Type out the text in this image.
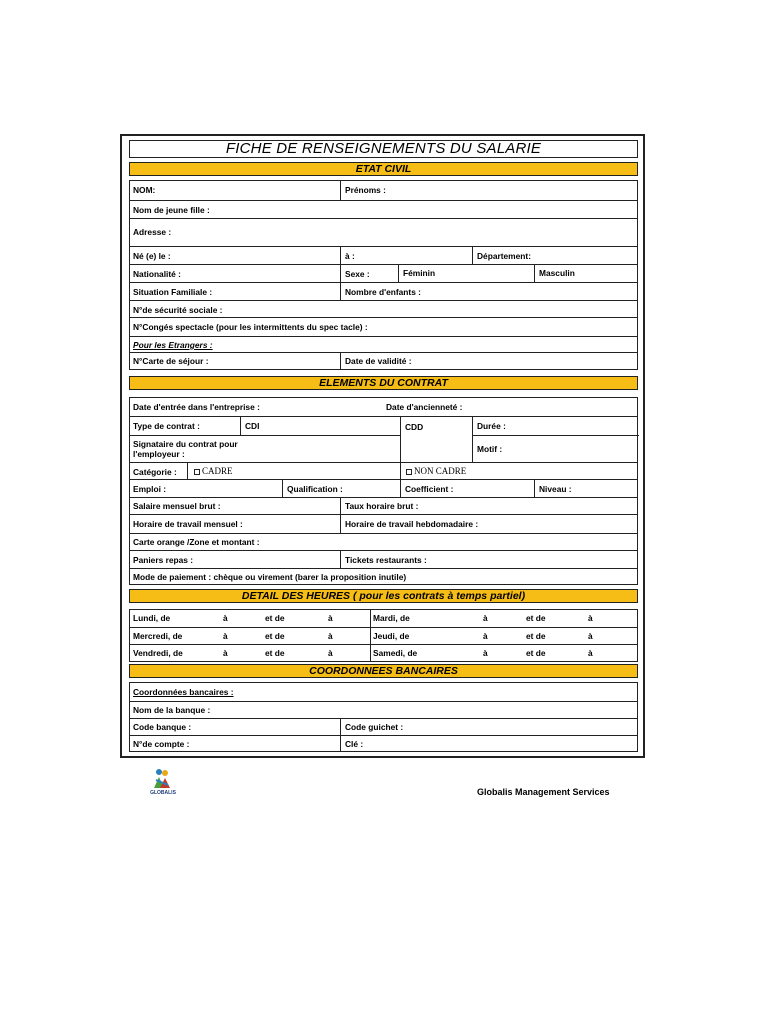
FICHE DE RENSEIGNEMENTS DU SALARIE
ETAT CIVIL
NOM:	Prénoms :
Nom de jeune fille :
Adresse :
Né (e) le :	à :	Département:
Nationalité :	Sexe :	Féminin	Masculin
Situation Familiale :	Nombre d'enfants :
N°de sécurité sociale :
N°Congés spectacle (pour les intermittents du spec tacle) :
Pour les Etrangers :
N°Carte de séjour :	Date de validité :
ELEMENTS DU CONTRAT
Date d'entrée dans l'entreprise :	Date d'ancienneté :
Type de contrat :	CDI	CDD	Durée :
Signataire du contrat pour
l'employeur :	Motif :
Catégorie :	CADRE	NON CADRE
Emploi :	Qualification :	Coefficient :	Niveau :
Salaire mensuel brut :	Taux horaire brut :
Horaire de travail mensuel :	Horaire de travail hebdomadaire :
Carte orange /Zone et montant :
Paniers repas :	Tickets restaurants :
Mode de paiement : chèque ou virement (barer la proposition inutile)
DETAIL DES HEURES ( pour les contrats à temps partiel)
Lundi, de	à	et de	à	Mardi, de	à	et de	à
Mercredi, de	à	et de	à	Jeudi, de	à	et de	à
Vendredi, de	à	et de	à	Samedi, de	à	et de	à
COORDONNEES BANCAIRES
Coordonnées bancaires :
Nom de la banque :
Code banque :	Code guichet :
N°de compte :	Clé :
GLOBALIS	Globalis Management Services
